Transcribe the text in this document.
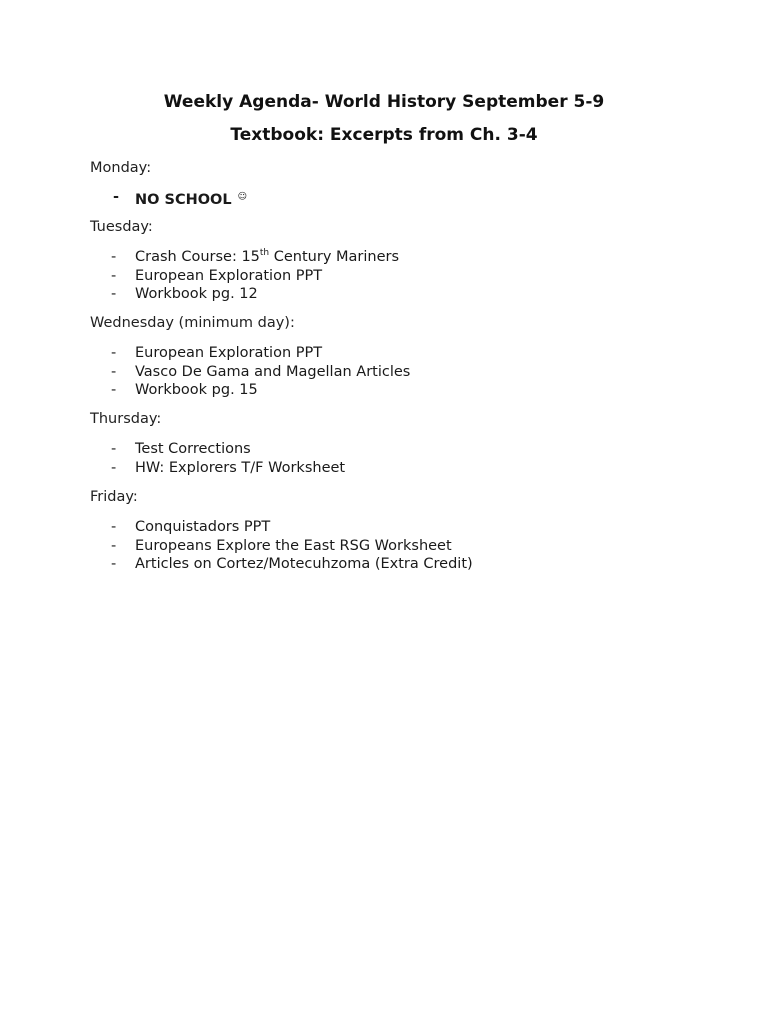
Weekly Agenda- World History September 5-9
Textbook: Excerpts from Ch. 3-4

Monday:

-	NO SCHOOL ☺

Tuesday:

-	Crash Course: 15th Century Mariners
-	European Exploration PPT
-	Workbook pg. 12

Wednesday (minimum day):

-	European Exploration PPT
-	Vasco De Gama and Magellan Articles
-	Workbook pg. 15

Thursday:

-	Test Corrections
-	HW: Explorers T/F Worksheet

Friday:

-	Conquistadors PPT
-	Europeans Explore the East RSG Worksheet
-	Articles on Cortez/Motecuhzoma (Extra Credit)
